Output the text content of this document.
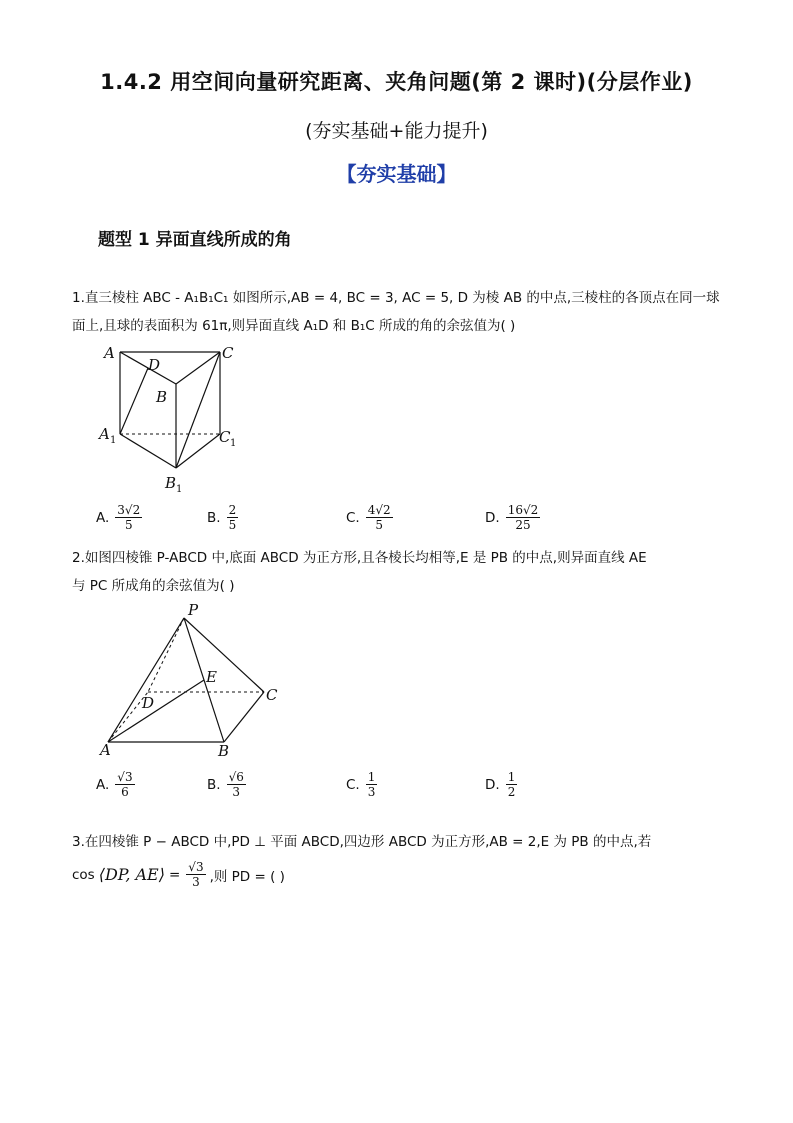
1.4.2 用空间向量研究距离、夹角问题(第 2 课时)(分层作业)
(夯实基础+能力提升)
【夯实基础】
题型 1 异面直线所成的角
1.直三棱柱 ABC - A₁B₁C₁ 如图所示,AB = 4, BC = 3, AC = 5, D 为棱 AB 的中点,三棱柱的各顶点在同一球
面上,且球的表面积为 61π,则异面直线 A₁D 和 B₁C 所成的角的余弦值为( )
A	C
D
B
A 1	C 1
B 1
A. $\frac{3√2}{5}$	B. $\frac{2}{5}$	C. $\frac{4√2}{5}$	D. $\frac{16√2}{25}$
2.如图四棱锥 P-ABCD 中,底面 ABCD 为正方形,且各棱长均相等,E 是 PB 的中点,则异面直线 AE
与 PC 所成角的余弦值为( )
P
E
C
D
A	B
A. $\frac{√3}{6}$	B. $\frac{√6}{3}$	C. $\frac{1}{3}$	D. $\frac{1}{2}$
3.在四棱锥 P − ABCD 中,PD ⊥ 平面 ABCD,四边形 ABCD 为正方形,AB = 2,E 为 PB 的中点,若
cos ⟨DP, AE⟩ = $\frac{√3}{3}$ ,则 PD = ( )
